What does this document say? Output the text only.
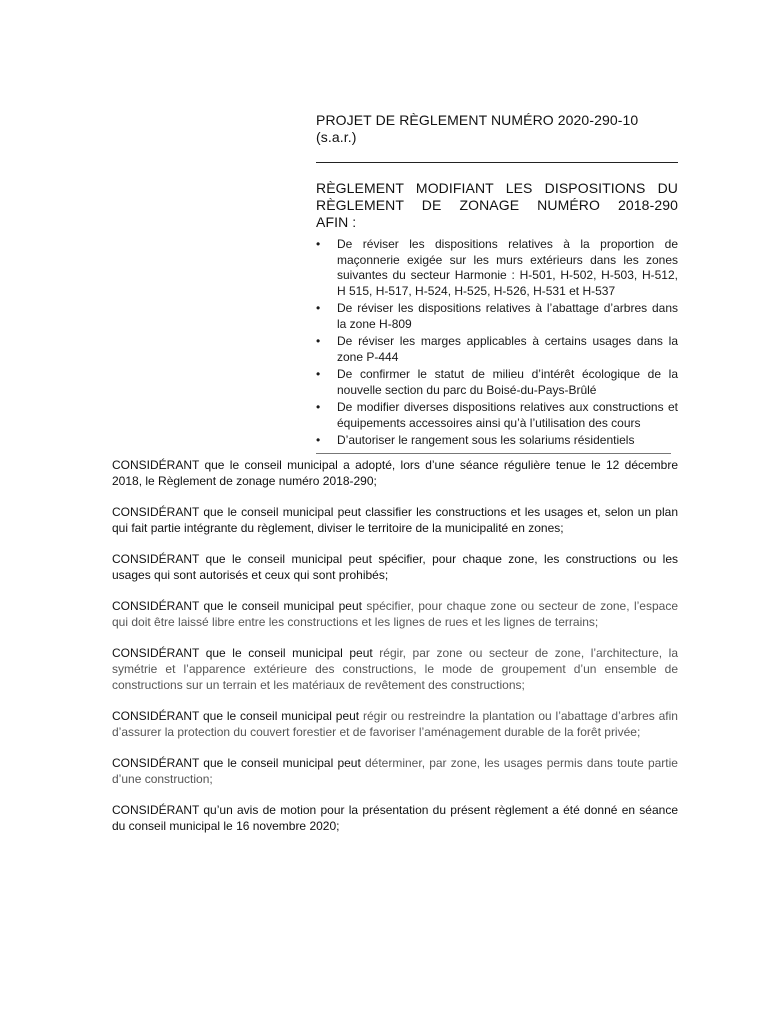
PROJET DE RÈGLEMENT NUMÉRO 2020-290-10
(s.a.r.)
RÈGLEMENT MODIFIANT LES DISPOSITIONS DU
RÈGLEMENT DE ZONAGE NUMÉRO 2018-290
AFIN :
• De réviser les dispositions relatives à la proportion de maçonnerie exigée sur les murs extérieurs dans les zones suivantes du secteur Harmonie : H-501, H-502, H-503, H-512, H 515, H-517, H-524, H-525, H-526, H-531 et H-537
• De réviser les dispositions relatives à l’abattage d’arbres dans la zone H-809
• De réviser les marges applicables à certains usages dans la zone P-444
• De confirmer le statut de milieu d’intérêt écologique de la nouvelle section du parc du Boisé-du-Pays-Brûlé
• De modifier diverses dispositions relatives aux constructions et équipements accessoires ainsi qu’à l’utilisation des cours
• D’autoriser le rangement sous les solariums résidentiels

CONSIDÉRANT que le conseil municipal a adopté, lors d’une séance régulière tenue le 12 décembre 2018, le Règlement de zonage numéro 2018-290;

CONSIDÉRANT que le conseil municipal peut classifier les constructions et les usages et, selon un plan qui fait partie intégrante du règlement, diviser le territoire de la municipalité en zones;

CONSIDÉRANT que le conseil municipal peut spécifier, pour chaque zone, les constructions ou les usages qui sont autorisés et ceux qui sont prohibés;

CONSIDÉRANT que le conseil municipal peut spécifier, pour chaque zone ou secteur de zone, l’espace qui doit être laissé libre entre les constructions et les lignes de rues et les lignes de terrains;

CONSIDÉRANT que le conseil municipal peut régir, par zone ou secteur de zone, l’architecture, la symétrie et l’apparence extérieure des constructions, le mode de groupement d’un ensemble de constructions sur un terrain et les matériaux de revêtement des constructions;

CONSIDÉRANT que le conseil municipal peut régir ou restreindre la plantation ou l’abattage d’arbres afin d’assurer la protection du couvert forestier et de favoriser l’aménagement durable de la forêt privée;

CONSIDÉRANT que le conseil municipal peut déterminer, par zone, les usages permis dans toute partie d’une construction;

CONSIDÉRANT qu’un avis de motion pour la présentation du présent règlement a été donné en séance du conseil municipal le 16 novembre 2020;
